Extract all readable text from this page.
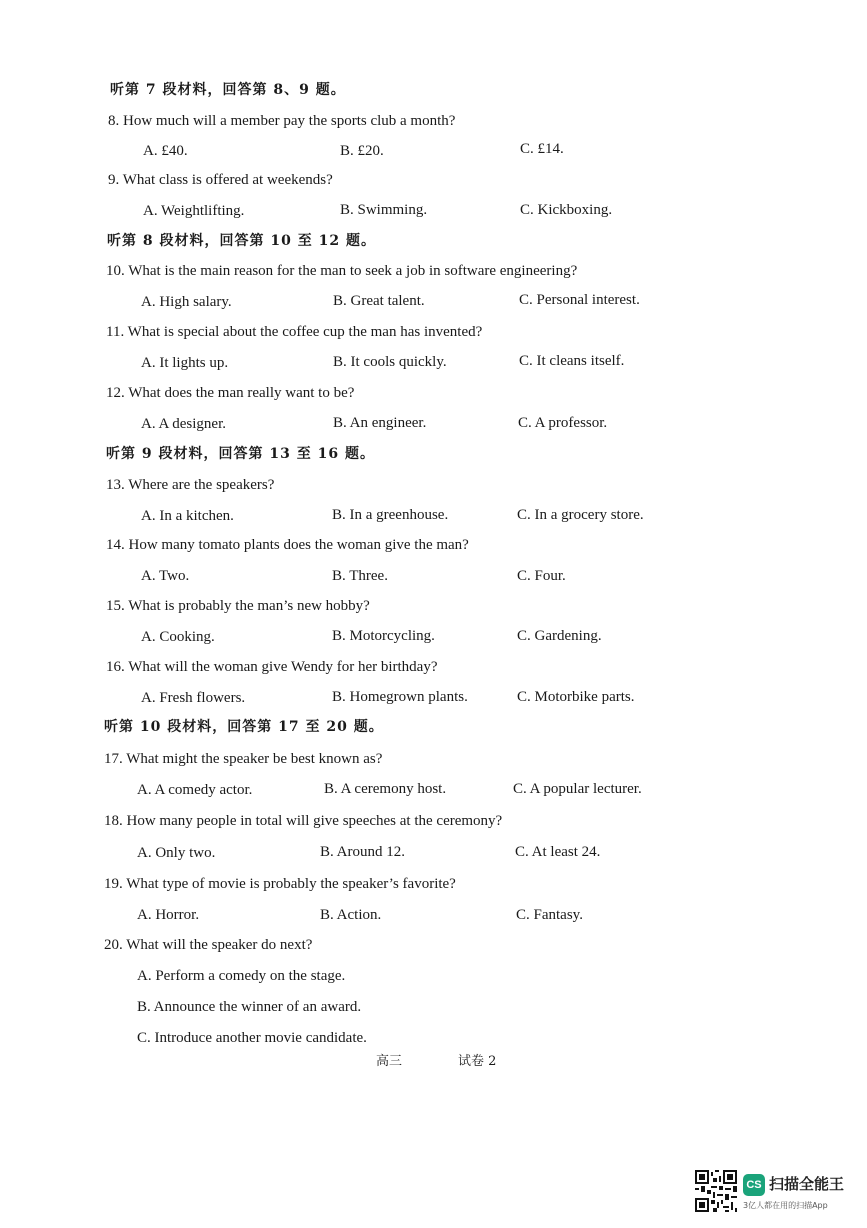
听第 7 段材料，回答第 8、9 题。
8. How much will a member pay the sports club a month?
A. £40.	B. £20.	C. £14.
9. What class is offered at weekends?
A. Weightlifting.	B. Swimming.	C. Kickboxing.
听第 8 段材料，回答第 10 至 12 题。
10. What is the main reason for the man to seek a job in software engineering?
A. High salary.	B. Great talent.	C. Personal interest.
11. What is special about the coffee cup the man has invented?
A. It lights up.	B. It cools quickly.	C. It cleans itself.
12. What does the man really want to be?
A. A designer.	B. An engineer.	C. A professor.
听第 9 段材料，回答第 13 至 16 题。
13. Where are the speakers?
A. In a kitchen.	B. In a greenhouse.	C. In a grocery store.
14. How many tomato plants does the woman give the man?
A. Two.	B. Three.	C. Four.
15. What is probably the man’s new hobby?
A. Cooking.	B. Motorcycling.	C. Gardening.
16. What will the woman give Wendy for her birthday?
A. Fresh flowers.	B. Homegrown plants.	C. Motorbike parts.
听第 10 段材料，回答第 17 至 20 题。
17. What might the speaker be best known as?
A. A comedy actor.	B. A ceremony host.	C. A popular lecturer.
18. How many people in total will give speeches at the ceremony?
A. Only two.	B. Around 12.	C. At least 24.
19. What type of movie is probably the speaker’s favorite?
A. Horror.	B. Action.	C. Fantasy.
20. What will the speaker do next?
A. Perform a comedy on the stage.
B. Announce the winner of an award.
C. Introduce another movie candidate.
高三	试卷 2
CS 扫描全能王
3亿人都在用的扫描App
